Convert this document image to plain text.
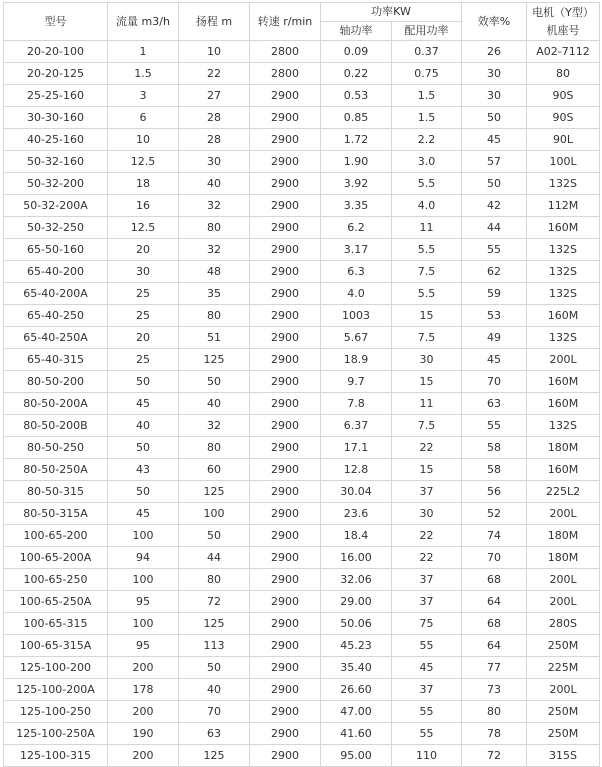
型号	流量 m3/h	扬程 m	转速 r/min	功率KW		效率%	电机（Y型）
机座号

				轴功率	配用功率		
20-20-100	1	10	2800	0.09	0.37	26	A02-7112
20-20-125	1.5	22	2800	0.22	0.75	30	80
25-25-160	3	27	2900	0.53	1.5	30	90S
30-30-160	6	28	2900	0.85	1.5	50	90S
40-25-160	10	28	2900	1.72	2.2	45	90L
50-32-160	12.5	30	2900	1.90	3.0	57	100L
50-32-200	18	40	2900	3.92	5.5	50	132S
50-32-200A	16	32	2900	3.35	4.0	42	112M
50-32-250	12.5	80	2900	6.2	11	44	160M
65-50-160	20	32	2900	3.17	5.5	55	132S
65-40-200	30	48	2900	6.3	7.5	62	132S
65-40-200A	25	35	2900	4.0	5.5	59	132S
65-40-250	25	80	2900	1003	15	53	160M
65-40-250A	20	51	2900	5.67	7.5	49	132S
65-40-315	25	125	2900	18.9	30	45	200L
80-50-200	50	50	2900	9.7	15	70	160M
80-50-200A	45	40	2900	7.8	11	63	160M
80-50-200B	40	32	2900	6.37	7.5	55	132S
80-50-250	50	80	2900	17.1	22	58	180M
80-50-250A	43	60	2900	12.8	15	58	160M
80-50-315	50	125	2900	30.04	37	56	225L2
80-50-315A	45	100	2900	23.6	30	52	200L
100-65-200	100	50	2900	18.4	22	74	180M
100-65-200A	94	44	2900	16.00	22	70	180M
100-65-250	100	80	2900	32.06	37	68	200L
100-65-250A	95	72	2900	29.00	37	64	200L
100-65-315	100	125	2900	50.06	75	68	280S
100-65-315A	95	113	2900	45.23	55	64	250M
125-100-200	200	50	2900	35.40	45	77	225M
125-100-200A	178	40	2900	26.60	37	73	200L
125-100-250	200	70	2900	47.00	55	80	250M
125-100-250A	190	63	2900	41.60	55	78	250M
125-100-315	200	125	2900	95.00	110	72	315S
